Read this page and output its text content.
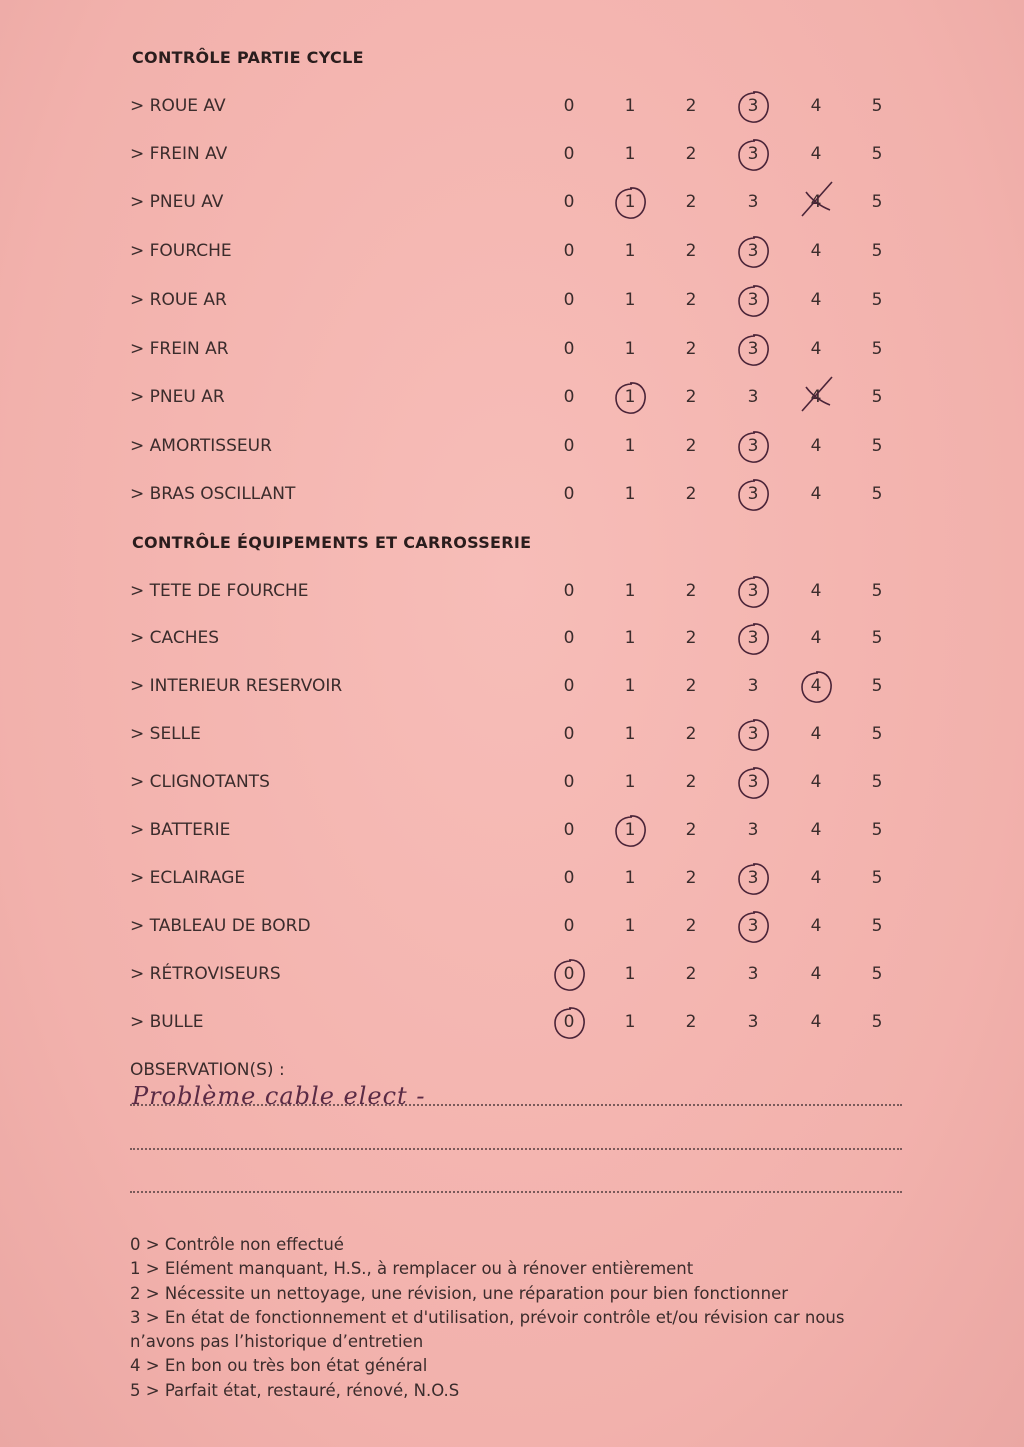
CONTRÔLE PARTIE CYCLE
> ROUE AV	0	1	2	3	4	5
> FREIN AV	0	1	2	3	4	5
> PNEU AV	0	1	2	3	4	5
> FOURCHE	0	1	2	3	4	5
> ROUE AR	0	1	2	3	4	5
> FREIN AR	0	1	2	3	4	5
> PNEU AR	0	1	2	3	4	5
> AMORTISSEUR	0	1	2	3	4	5
> BRAS OSCILLANT	0	1	2	3	4	5
CONTRÔLE ÉQUIPEMENTS ET CARROSSERIE
> TETE DE FOURCHE	0	1	2	3	4	5
> CACHES	0	1	2	3	4	5
> INTERIEUR RESERVOIR	0	1	2	3	4	5
> SELLE	0	1	2	3	4	5
> CLIGNOTANTS	0	1	2	3	4	5
> BATTERIE	0	1	2	3	4	5
> ECLAIRAGE	0	1	2	3	4	5
> TABLEAU DE BORD	0	1	2	3	4	5
> RÉTROVISEURS	0	1	2	3	4	5
> BULLE	0	1	2	3	4	5
OBSERVATION(S) :
Problème cable elect -
0 > Contrôle non effectué
1 > Elément manquant, H.S., à remplacer ou à rénover entièrement
2 > Nécessite un nettoyage, une révision, une réparation pour bien fonctionner
3 > En état de fonctionnement et d'utilisation, prévoir contrôle et/ou révision car nous n’avons pas l’historique d’entretien
4 > En bon ou très bon état général
5 > Parfait état, restauré, rénové, N.O.S
